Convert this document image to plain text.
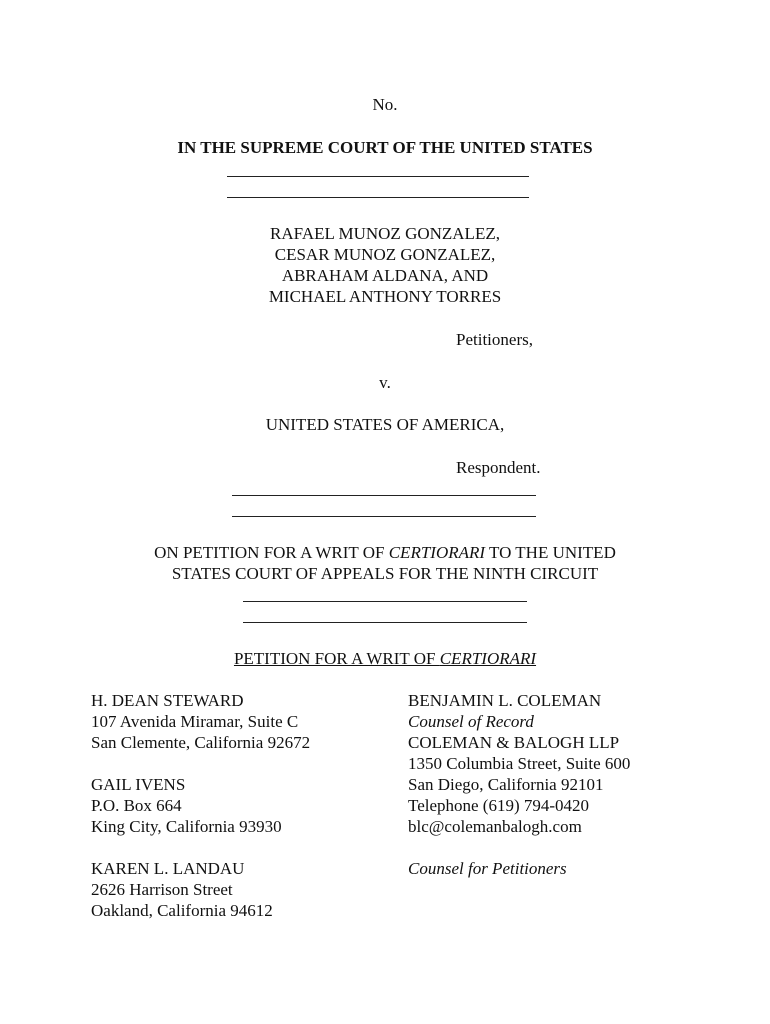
No.
IN THE SUPREME COURT OF THE UNITED STATES
RAFAEL MUNOZ GONZALEZ,
CESAR MUNOZ GONZALEZ,
ABRAHAM ALDANA, AND
MICHAEL ANTHONY TORRES
Petitioners,
v.
UNITED STATES OF AMERICA,
Respondent.
ON PETITION FOR A WRIT OF CERTIORARI TO THE UNITED
STATES COURT OF APPEALS FOR THE NINTH CIRCUIT
PETITION FOR A WRIT OF CERTIORARI
H. DEAN STEWARD
107 Avenida Miramar, Suite C
San Clemente, California 92672
GAIL IVENS
P.O. Box 664
King City, California 93930
KAREN L. LANDAU
2626 Harrison Street
Oakland, California 94612
BENJAMIN L. COLEMAN
Counsel of Record
COLEMAN & BALOGH LLP
1350 Columbia Street, Suite 600
San Diego, California 92101
Telephone (619) 794-0420
blc@colemanbalogh.com
Counsel for Petitioners
